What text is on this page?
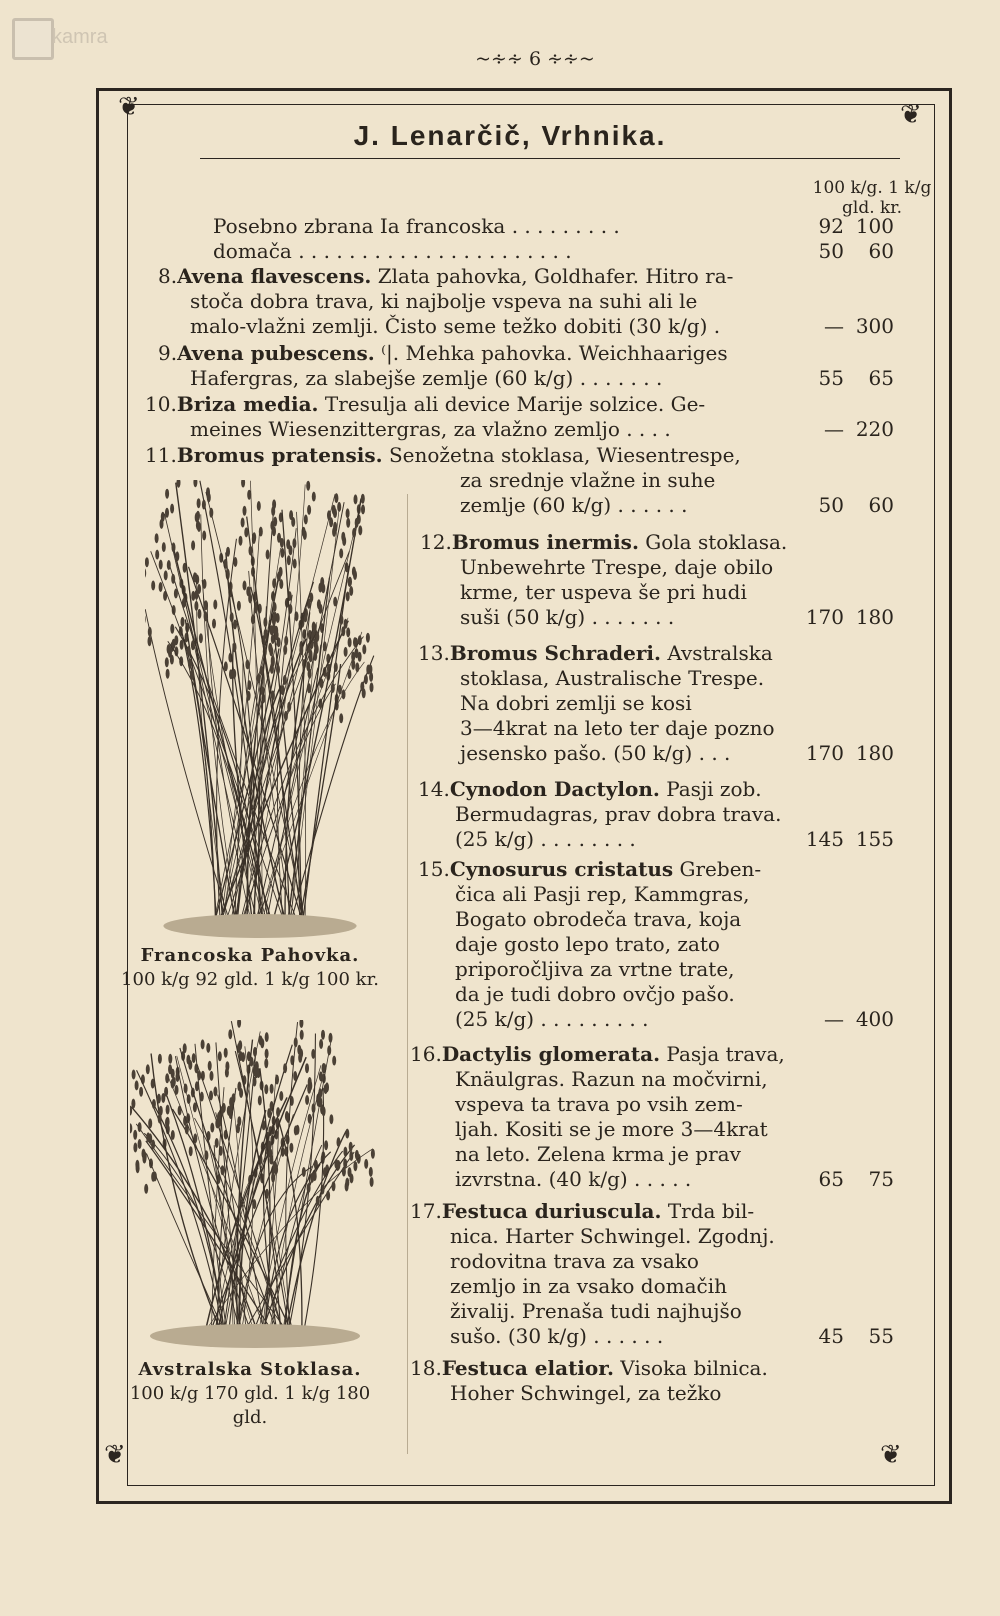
kamra
~∻∻ 6 ∻∻~
❦	❦
❦	❦
J. Lenarčič, Vrhnika.
100 k/g. 1 k/g
gld. kr.
Posebno zbrana Ia francoska . . . . . . . . .	92 100
domača . . . . . . . . . . . . . . . . . . . . . .	50	60
8.Avena flavescens. Zlata pahovka, Goldhafer. Hitro ra-
stoča dobra trava, ki najbolje vspeva na suhi ali le
malo-vlažni zemlji. Čisto seme težko dobiti (30 k/g) .	— 300
9.Avena pubescens. ⁽|. Mehka pahovka. Weichhaariges
Hafergras, za slabejše zemlje (60 k/g) . . . . . . .	55	65
10.Briza media. Tresulja ali device Marije solzice. Ge-
meines Wiesenzittergras, za vlažno zemljo . . . .	— 220
11.Bromus pratensis. Senožetna stoklasa, Wiesentrespe,
za srednje vlažne in suhe
zemlje (60 k/g) . . . . . .	50	60
12.Bromus inermis. Gola stoklasa.
Unbewehrte Trespe, daje obilo
krme, ter uspeva še pri hudi
suši (50 k/g) . . . . . . .	170 180
13.Bromus Schraderi. Avstralska
stoklasa, Australische Trespe.
Na dobri zemlji se kosi
3—4krat na leto ter daje pozno
jesensko pašo. (50 k/g) . . .	170 180
14.Cynodon Dactylon. Pasji zob.
Bermudagras, prav dobra trava.
(25 k/g) . . . . . . . .	145 155
15.Cynosurus cristatus Greben-
čica ali Pasji rep, Kammgras,
Bogato obrodeča trava, koja
daje gosto lepo trato, zato
priporočljiva za vrtne trate,
da je tudi dobro ovčjo pašo.
(25 k/g) . . . . . . . . .	— 400
16.Dactylis glomerata. Pasja trava,
Knäulgras. Razun na močvirni,
vspeva ta trava po vsih zem-
ljah. Kositi se je more 3—4krat
na leto. Zelena krma je prav
izvrstna. (40 k/g) . . . . .	65	75
17.Festuca duriuscula. Trda bil-
nica. Harter Schwingel. Zgodnj.
rodovitna trava za vsako
zemljo in za vsako domačih
živalij. Prenaša tudi najhujšo
sušo. (30 k/g) . . . . . .	45	55
18.Festuca elatior. Visoka bilnica.
Hoher Schwingel, za težko
Francoska Pahovka.
100 k/g 92 gld. 1 k/g 100 kr.
Avstralska Stoklasa.
100 k/g 170 gld. 1 k/g 180 gld.
